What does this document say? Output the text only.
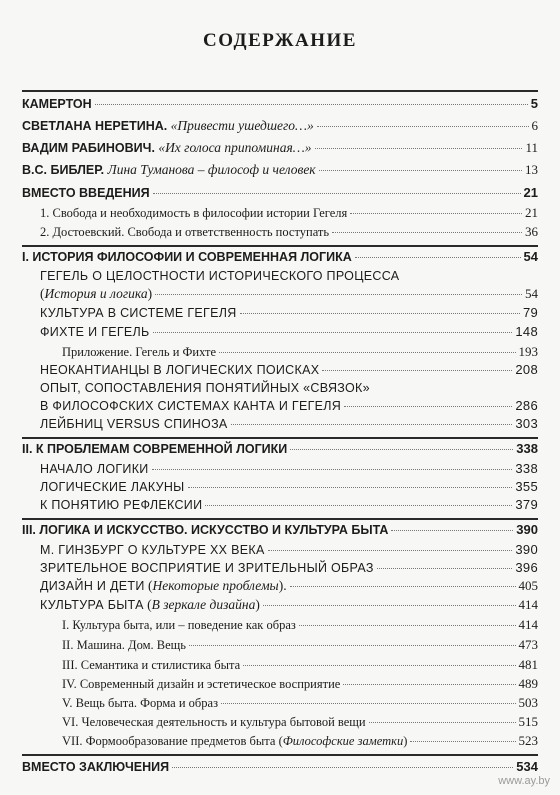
СОДЕРЖАНИЕ
КАМЕРТОН	5
СВЕТЛАНА НЕРЕТИНА.
«Привести ушедшего…»	6
ВАДИМ РАБИНОВИЧ.
«Их голоса припоминая…»	11
В.С. БИБЛЕР.
Лина Туманова – философ и человек	13
ВМЕСТО ВВЕДЕНИЯ	21
1. Свобода и необходимость в философии истории Гегеля	21
2. Достоевский. Свобода и ответственность поступать	36
I. ИСТОРИЯ ФИЛОСОФИИ И СОВРЕМЕННАЯ ЛОГИКА	54
ГЕГЕЛЬ О ЦЕЛОСТНОСТИ ИСТОРИЧЕСКОГО ПРОЦЕССА
(История и логика)	54
КУЛЬТУРА В СИСТЕМЕ ГЕГЕЛЯ	79
ФИХТЕ И ГЕГЕЛЬ	148
Приложение. Гегель и Фихте	193
НЕОКАНТИАНЦЫ В ЛОГИЧЕСКИХ ПОИСКАХ	208
ОПЫТ, СОПОСТАВЛЕНИЯ ПОНЯТИЙНЫХ «СВЯЗОК»
В ФИЛОСОФСКИХ СИСТЕМАХ КАНТА И ГЕГЕЛЯ	286
ЛЕЙБНИЦ VERSUS СПИНОЗА	303
II. К ПРОБЛЕМАМ СОВРЕМЕННОЙ ЛОГИКИ	338
НАЧАЛО ЛОГИКИ	338
ЛОГИЧЕСКИЕ ЛАКУНЫ	355
К ПОНЯТИЮ РЕФЛЕКСИИ	379
III. ЛОГИКА И ИСКУССТВО. ИСКУССТВО И КУЛЬТУРА БЫТА	390
М. ГИНЗБУРГ О КУЛЬТУРЕ XX ВЕКА	390
ЗРИТЕЛЬНОЕ ВОСПРИЯТИЕ И ЗРИТЕЛЬНЫЙ ОБРАЗ	396
ДИЗАЙН И ДЕТИ (Некоторые проблемы).	405
КУЛЬТУРА БЫТА (В зеркале дизайна)	414
I. Культура быта, или – поведение как образ	414
II. Машина. Дом. Вещь	473
III. Семантика и стилистика быта	481
IV. Современный дизайн и эстетическое восприятие	489
V. Вещь быта. Форма и образ	503
VI. Человеческая деятельность и культура бытовой вещи	515
VII. Формообразование предметов быта (Философские заметки)	523
ВМЕСТО ЗАКЛЮЧЕНИЯ	534
www.ay.by
